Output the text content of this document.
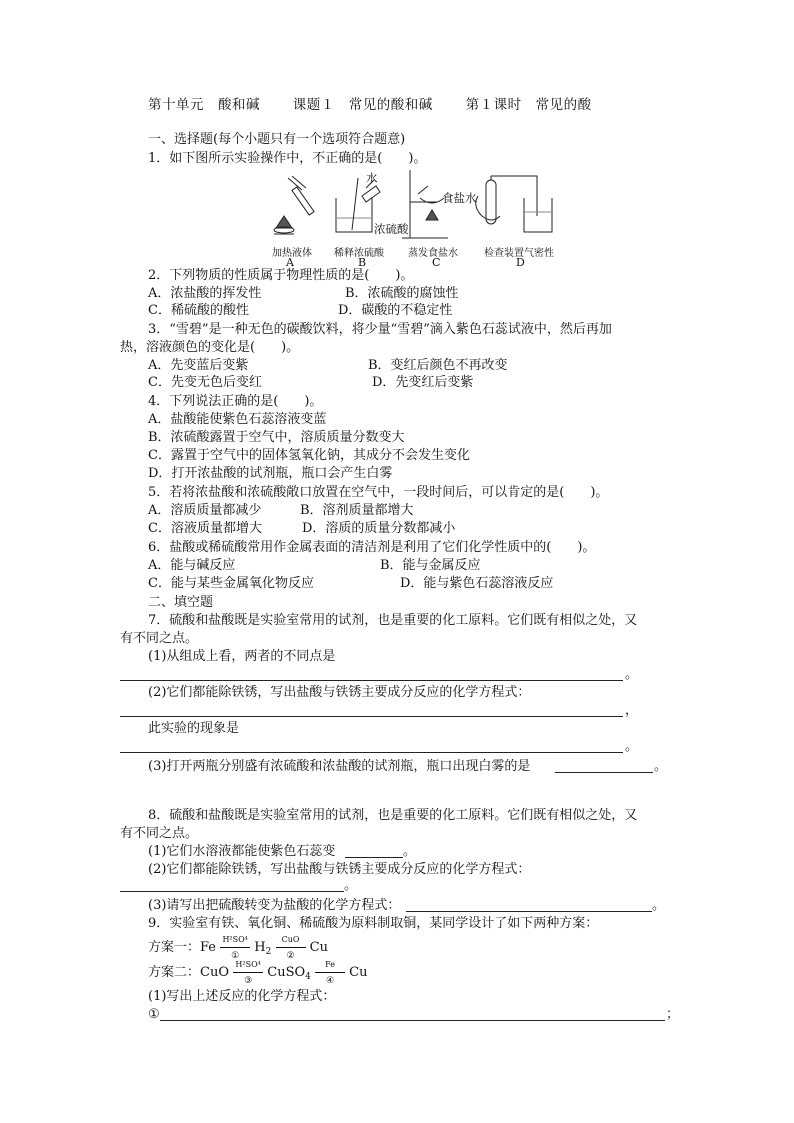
第十单元　酸和碱 课题１　常见的酸和碱 第１课时　常见的酸
一、选择题(每个小题只有一个选项符合题意)
1．如下图所示实验操作中，不正确的是(　　)。
水
浓硫酸
食盐水
加热液体 稀释浓硫酸 蒸发食盐水	检查装置气密性
A	B	C	D
2．下列物质的性质属于物理性质的是(　　)。
A．浓盐酸的挥发性	B．浓硫酸的腐蚀性
C．稀硫酸的酸性	D．碳酸的不稳定性
3．“雪碧”是一种无色的碳酸饮料，将少量“雪碧”滴入紫色石蕊试液中，然后再加
热，溶液颜色的变化是(　　)。
A．先变蓝后变紫	B．变红后颜色不再改变
C．先变无色后变红	D．先变红后变紫
4．下列说法正确的是(　　)。
A．盐酸能使紫色石蕊溶液变蓝
B．浓硫酸露置于空气中，溶质质量分数变大
C．露置于空气中的固体氢氧化钠，其成分不会发生变化
D．打开浓盐酸的试剂瓶，瓶口会产生白雾
5．若将浓盐酸和浓硫酸敞口放置在空气中，一段时间后，可以肯定的是(　　)。
A．溶质质量都减少	B．溶剂质量都增大
C．溶液质量都增大	D．溶质的质量分数都减小
6．盐酸或稀硫酸常用作金属表面的清洁剂是利用了它们化学性质中的(　　)。
A．能与碱反应	B．能与金属反应
C．能与某些金属氧化物反应	D．能与紫色石蕊溶液反应
二、填空题
7．硫酸和盐酸既是实验室常用的试剂，也是重要的化工原料。它们既有相似之处，又
有不同之点。
(1)从组成上看，两者的不同点是
。
(2)它们都能除铁锈，写出盐酸与铁锈主要成分反应的化学方程式：
，
此实验的现象是
。
(3)打开两瓶分别盛有浓硫酸和浓盐酸的试剂瓶，瓶口出现白雾的是	。
8．硫酸和盐酸既是实验室常用的试剂，也是重要的化工原料。它们既有相似之处，又
有不同之点。
(1)它们水溶液都能使紫色石蕊变	。
(2)它们都能除铁锈，写出盐酸与铁锈主要成分反应的化学方程式：
。
(3)请写出把硫酸转变为盐酸的化学方程式：	。
9．实验室有铁、氧化铜、稀硫酸为原料制取铜，某同学设计了如下两种方案：
方案一：Fe
H²SO⁴
①
$H_2$
CuO
②
Cu
方案二：CuO
H²SO⁴
③
CuSO$_4$
Fe
④
Cu
(1)写出上述反应的化学方程式：
①	；
